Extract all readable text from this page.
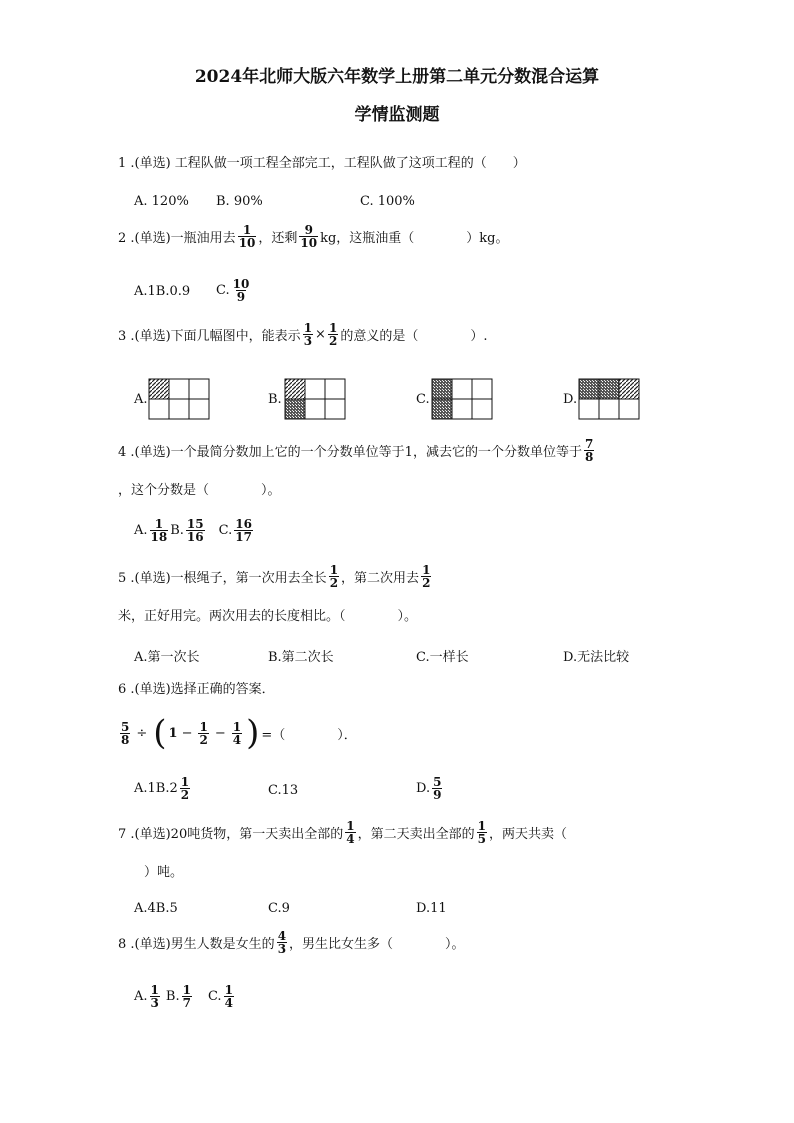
2024年北师大版六年数学上册第二单元分数混合运算
学情监测题
1 .(单选) 工程队做一项工程全部完工，工程队做了这项工程的（　　）
A. 120% B. 90%	C. 100%
2 .(单选)一瓶油用去 $\frac{1}{10}$ ，还剩 $\frac{9}{10}$ kg，这瓶油重（　　　　）kg。
A.1B.0.9 C. $\frac{10}{9}$
3 .(单选)下面几幅图中，能表示 $\frac{1}{3} \times \frac{1}{2}$ 的意义的是（　　　　）.
A.	B.	C.	D.
4 .(单选)一个最简分数加上它的一个分数单位等于1，减去它的一个分数单位等于 $\frac{7}{8}$
，这个分数是（　　　　）。
A. $\frac{1}{18} B$. $\frac{15}{16} C$. $\frac{16}{17}$
5 .(单选)一根绳子，第一次用去全长 $\frac{1}{2}$ ，第二次用去 $\frac{1}{2}$
米，正好用完。两次用去的长度相比。（　　　　）。
A.第一次长	B.第二次长	C.一样长	D.无法比较
6 .(单选)选择正确的答案．
$\frac{5}{8}$ ÷ ( $1 - \frac{1}{2} - \frac{1}{4}$ ) =（　　　　）．
$A.1B.2 \frac{1}{2}$	C.13	D. $\frac{5}{9}$
7 .(单选)20吨货物，第一天卖出全部的 $\frac{1}{4}$ ，第二天卖出全部的 $\frac{1}{5}$ ，两天共卖（
　　）吨。
A.4B.5	C.9	D.11
8 .(单选)男生人数是女生的 $\frac{4}{3}$ ，男生比女生多（　　　　）。
A. $\frac{1}{3} B$. $\frac{1}{7} C$. $\frac{1}{4}$
